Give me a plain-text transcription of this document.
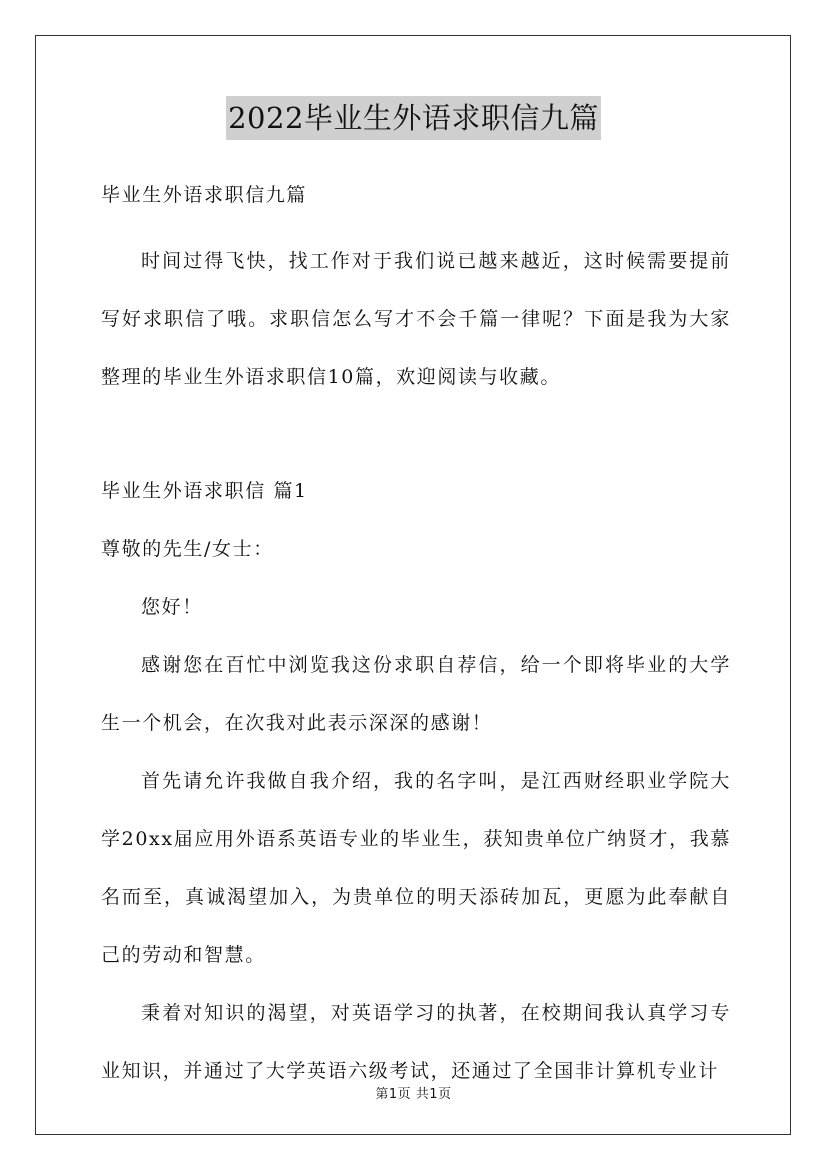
2022毕业生外语求职信九篇

毕业生外语求职信九篇

时间过得飞快，找工作对于我们说已越来越近，这时候需要提前写好求职信了哦。求职信怎么写才不会千篇一律呢？下面是我为大家整理的毕业生外语求职信10篇，欢迎阅读与收藏。

毕业生外语求职信 篇1

尊敬的先生/女士：

您好！

感谢您在百忙中浏览我这份求职自荐信，给一个即将毕业的大学生一个机会，在次我对此表示深深的感谢！

首先请允许我做自我介绍，我的名字叫，是江西财经职业学院大学20xx届应用外语系英语专业的毕业生，获知贵单位广纳贤才，我慕名而至，真诚渴望加入，为贵单位的明天添砖加瓦，更愿为此奉献自己的劳动和智慧。

秉着对知识的渴望，对英语学习的执著，在校期间我认真学习专业知识，并通过了大学英语六级考试，还通过了全国非计算机专业计

第1页 共1页
